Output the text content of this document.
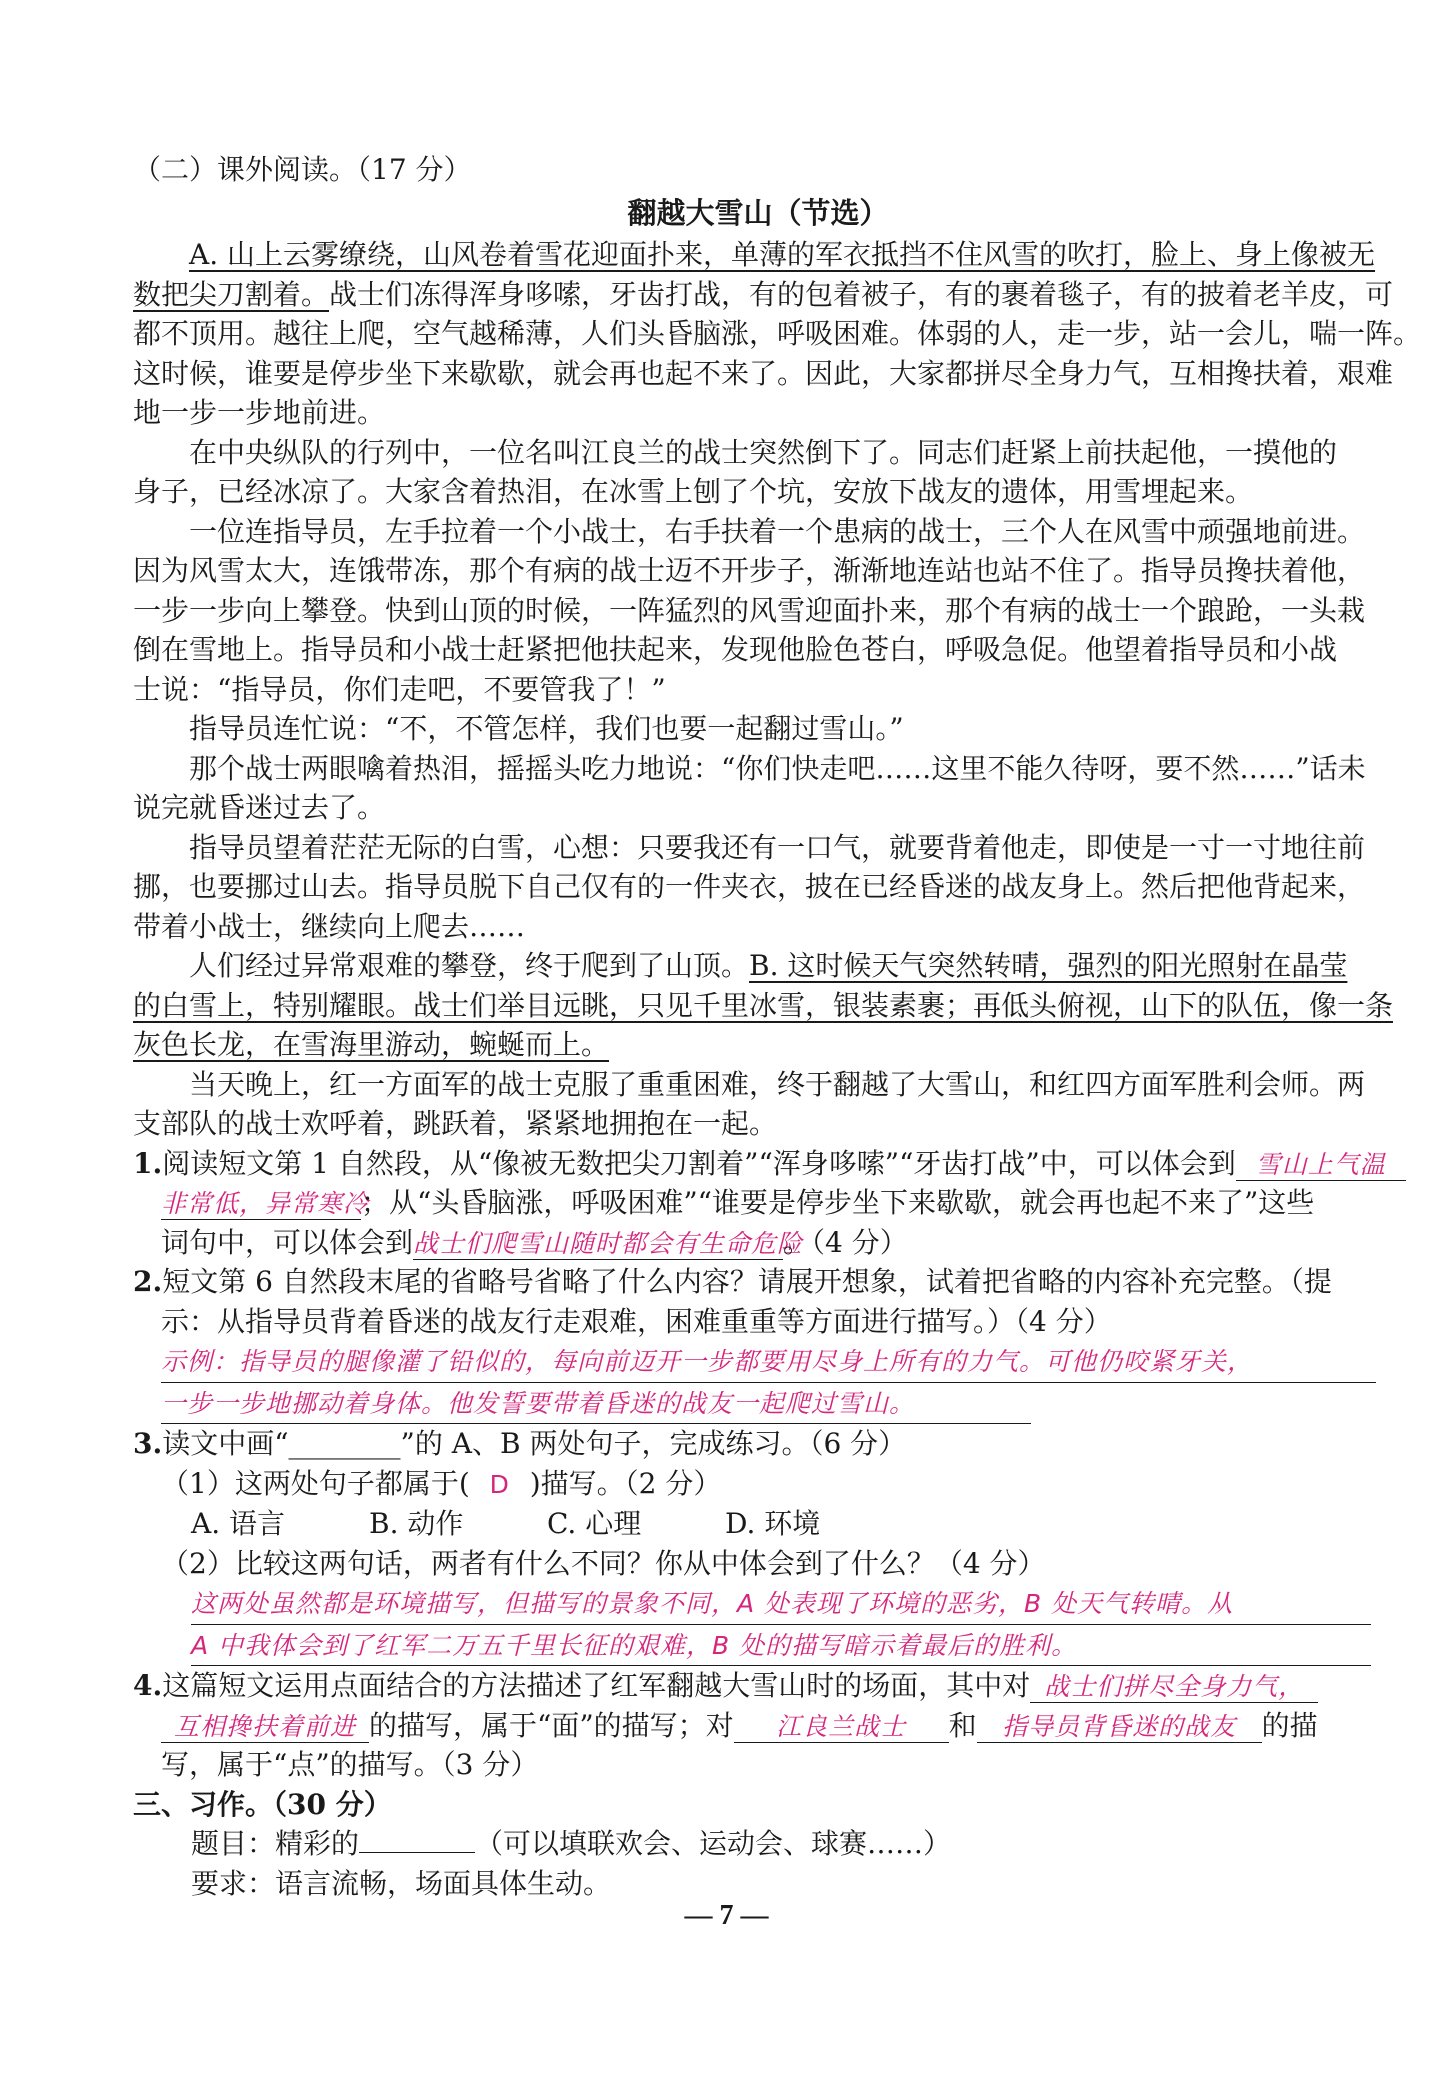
（二）课外阅读。（17 分）
翻越大雪山（节选）
A. 山上云雾缭绕，山风卷着雪花迎面扑来，单薄的军衣抵挡不住风雪的吹打，脸上、身上像被无
数把尖刀割着。战士们冻得浑身哆嗦，牙齿打战，有的包着被子，有的裹着毯子，有的披着老羊皮，可
都不顶用。越往上爬，空气越稀薄，人们头昏脑涨，呼吸困难。体弱的人，走一步，站一会儿，喘一阵。
这时候，谁要是停步坐下来歇歇，就会再也起不来了。因此，大家都拼尽全身力气，互相搀扶着，艰难
地一步一步地前进。
在中央纵队的行列中，一位名叫江良兰的战士突然倒下了。同志们赶紧上前扶起他，一摸他的
身子，已经冰凉了。大家含着热泪，在冰雪上刨了个坑，安放下战友的遗体，用雪埋起来。
一位连指导员，左手拉着一个小战士，右手扶着一个患病的战士，三个人在风雪中顽强地前进。
因为风雪太大，连饿带冻，那个有病的战士迈不开步子，渐渐地连站也站不住了。指导员搀扶着他，
一步一步向上攀登。快到山顶的时候，一阵猛烈的风雪迎面扑来，那个有病的战士一个踉跄，一头栽
倒在雪地上。指导员和小战士赶紧把他扶起来，发现他脸色苍白，呼吸急促。他望着指导员和小战
士说：“指导员，你们走吧，不要管我了！”
指导员连忙说：“不，不管怎样，我们也要一起翻过雪山。”
那个战士两眼噙着热泪，摇摇头吃力地说：“你们快走吧……这里不能久待呀，要不然……”话未
说完就昏迷过去了。
指导员望着茫茫无际的白雪，心想：只要我还有一口气，就要背着他走，即使是一寸一寸地往前
挪，也要挪过山去。指导员脱下自己仅有的一件夹衣，披在已经昏迷的战友身上。然后把他背起来，
带着小战士，继续向上爬去……
人们经过异常艰难的攀登，终于爬到了山顶。B. 这时候天气突然转晴，强烈的阳光照射在晶莹
的白雪上，特别耀眼。战士们举目远眺，只见千里冰雪，银装素裹；再低头俯视，山下的队伍，像一条
灰色长龙，在雪海里游动，蜿蜒而上。
当天晚上，红一方面军的战士克服了重重困难，终于翻越了大雪山，和红四方面军胜利会师。两
支部队的战士欢呼着，跳跃着，紧紧地拥抱在一起。
1.阅读短文第 1 自然段，从“像被无数把尖刀割着”“浑身哆嗦”“牙齿打战”中，可以体会到 雪山上气温
非常低，异常寒冷；从“头昏脑涨，呼吸困难”“谁要是停步坐下来歇歇，就会再也起不来了”这些
词句中，可以体会到战士们爬雪山随时都会有生命危险。（4 分）
2.短文第 6 自然段末尾的省略号省略了什么内容？请展开想象，试着把省略的内容补充完整。（提
示：从指导员背着昏迷的战友行走艰难，困难重重等方面进行描写。）（4 分）
示例：指导员的腿像灌了铅似的，每向前迈开一步都要用尽身上所有的力气。可他仍咬紧牙关，
一步一步地挪动着身体。他发誓要带着昏迷的战友一起爬过雪山。
3.读文中画“________”的 A、B 两处句子，完成练习。（6 分）
（1）这两处句子都属于( D )描写。（2 分）
A. 语言	B. 动作	C. 心理	D. 环境
（2）比较这两句话，两者有什么不同？你从中体会到了什么？（4 分）
这两处虽然都是环境描写，但描写的景象不同，A 处表现了环境的恶劣，B 处天气转晴。从
A 中我体会到了红军二万五千里长征的艰难，B 处的描写暗示着最后的胜利。
4.这篇短文运用点面结合的方法描述了红军翻越大雪山时的场面，其中对 战士们拼尽全身力气，
互相搀扶着前进 的描写，属于“面”的描写；对 江良兰战士 和 指导员背昏迷的战友 的描
写，属于“点”的描写。（3 分）
三、习作。（30 分）
题目：精彩的	（可以填联欢会、运动会、球赛……）
要求：语言流畅，场面具体生动。
— 7 —
